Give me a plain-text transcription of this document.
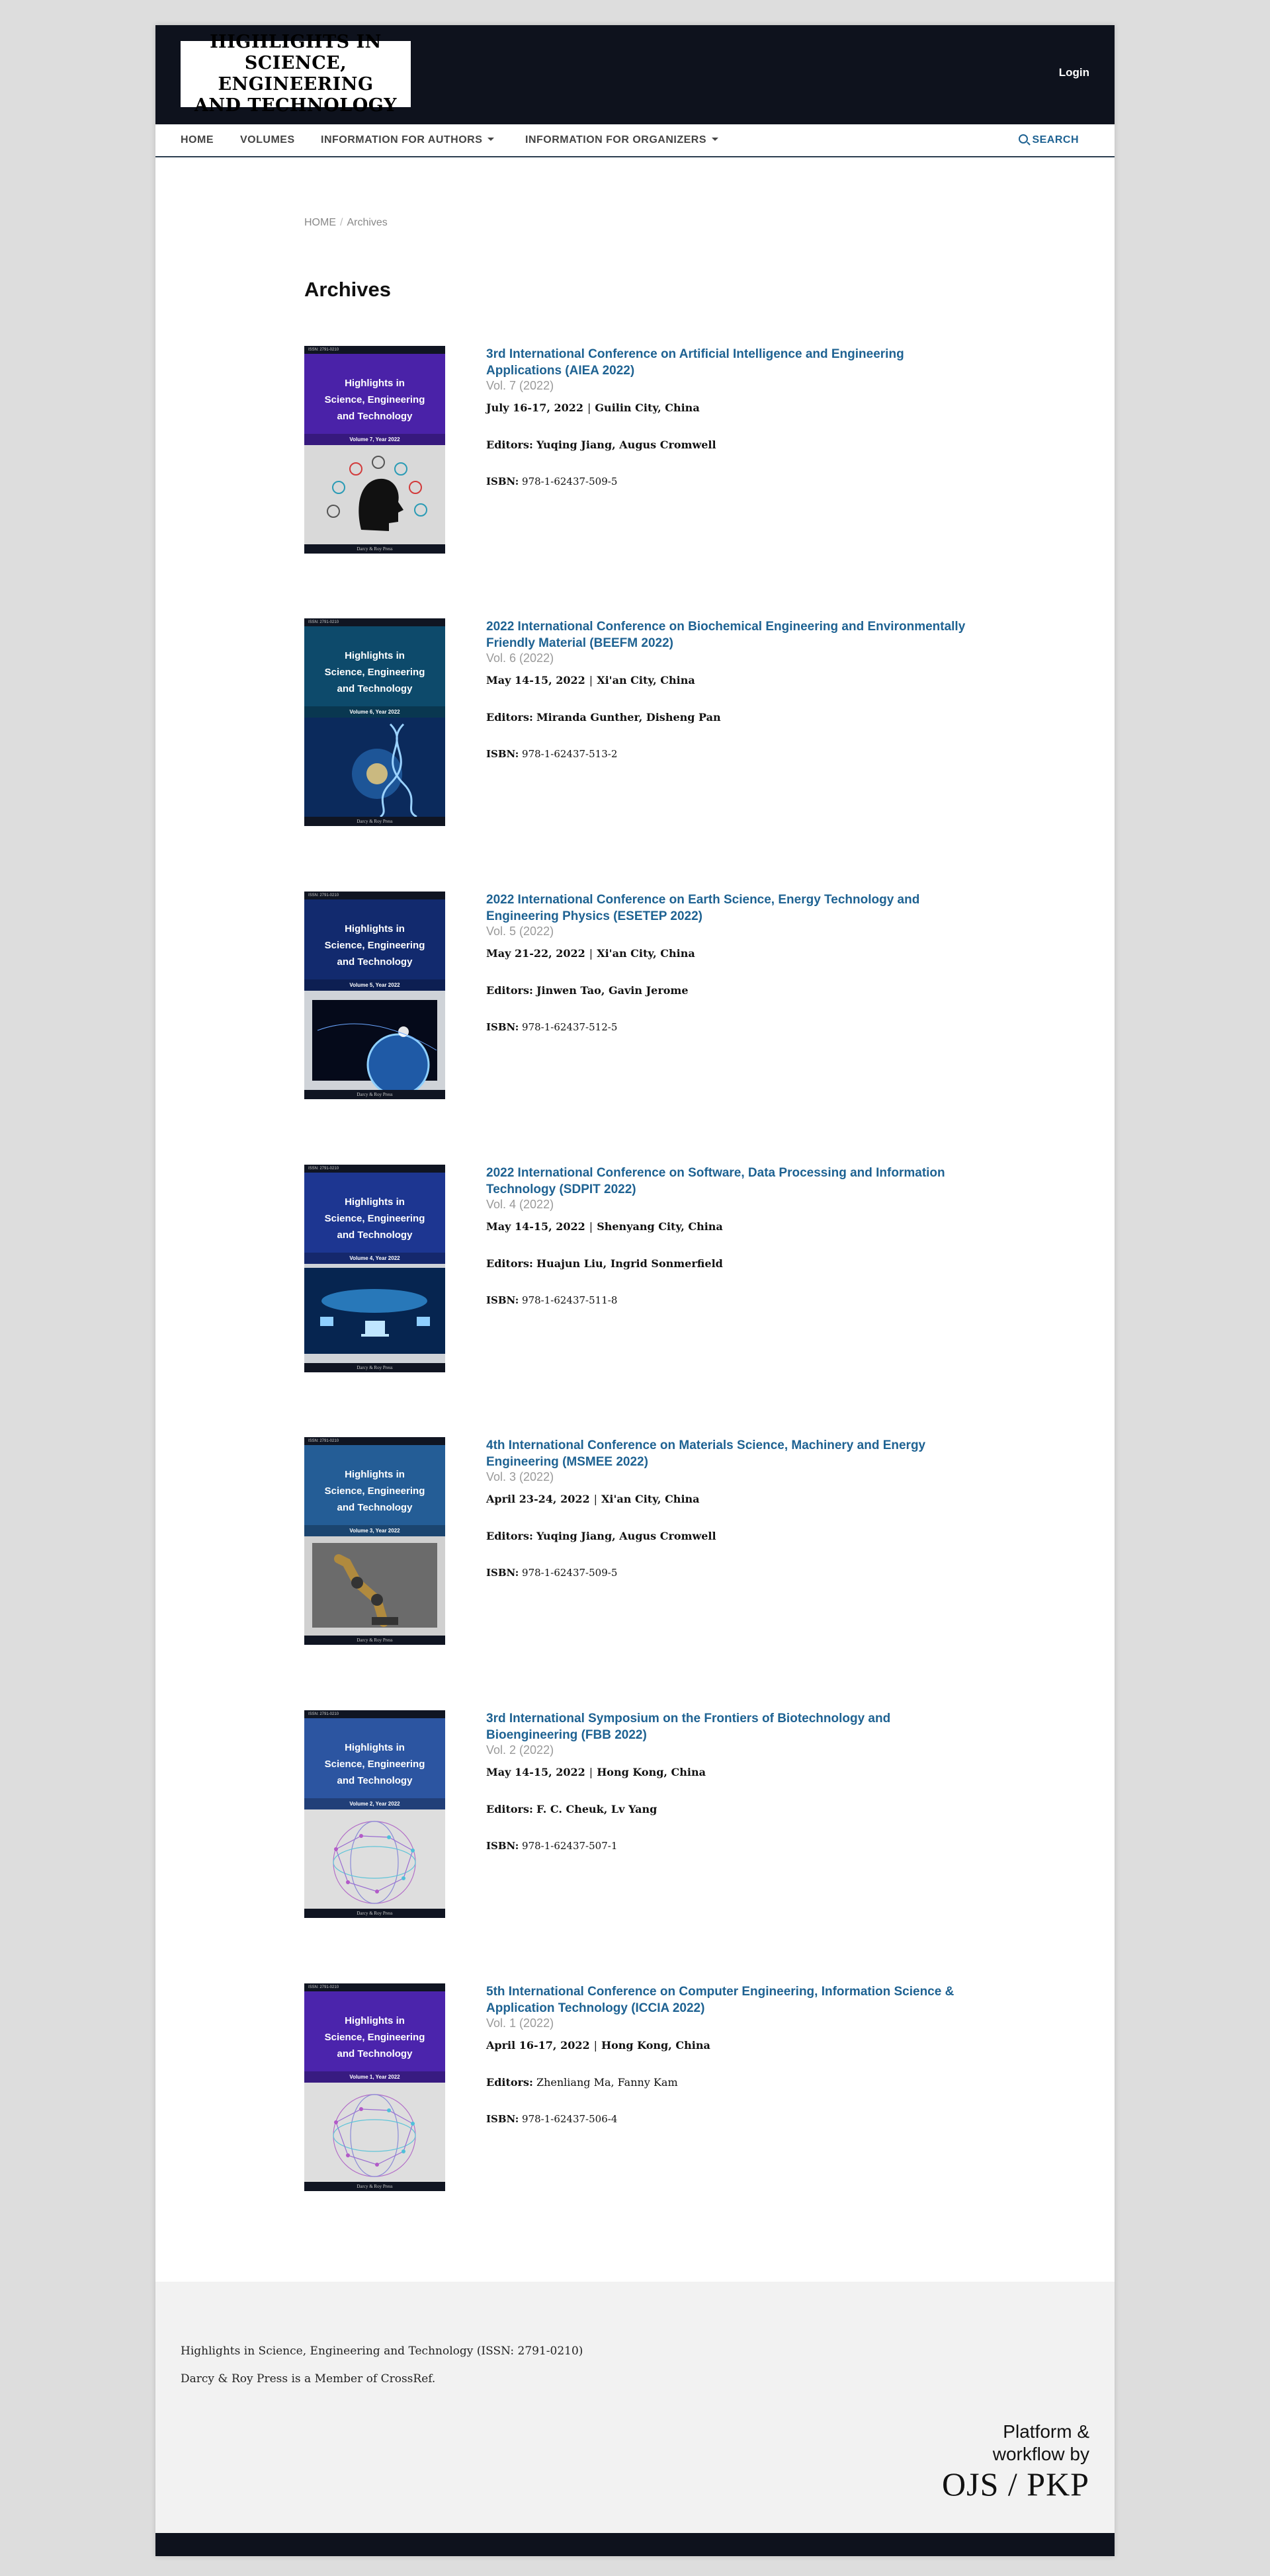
HIGHLIGHTS IN
SCIENCE, ENGINEERING
AND TECHNOLOGY
Login
HOME	VOLUMES INFORMATION FOR AUTHORS	INFORMATION FOR ORGANIZERS	SEARCH
HOME / Archives
Archives
ISSN: 2791-0210
Highlights in
Science, Engineering
and Technology
Volume 7, Year 2022
Darcy & Roy Press
3rd International Conference on Artificial Intelligence and Engineering Applications (AIEA 2022)
Vol. 7 (2022)
July 16-17, 2022 | Guilin City, China
Editors: Yuqing Jiang, Augus Cromwell
ISBN: 978-1-62437-509-5
ISSN: 2791-0210
Highlights in
Science, Engineering
and Technology
Volume 6, Year 2022
Darcy & Roy Press
2022 International Conference on Biochemical Engineering and Environmentally Friendly Material (BEEFM 2022)
Vol. 6 (2022)
May 14-15, 2022 | Xi'an City, China
Editors: Miranda Gunther, Disheng Pan
ISBN: 978-1-62437-513-2
ISSN: 2791-0210
Highlights in
Science, Engineering
and Technology
Volume 5, Year 2022
Darcy & Roy Press
2022 International Conference on Earth Science, Energy Technology and Engineering Physics (ESETEP 2022)
Vol. 5 (2022)
May 21-22, 2022 | Xi'an City, China
Editors: Jinwen Tao, Gavin Jerome
ISBN: 978-1-62437-512-5
ISSN: 2791-0210
Highlights in
Science, Engineering
and Technology
Volume 4, Year 2022
Darcy & Roy Press
2022 International Conference on Software, Data Processing and Information Technology (SDPIT 2022)
Vol. 4 (2022)
May 14-15, 2022 | Shenyang City, China
Editors: Huajun Liu, Ingrid Sonmerfield
ISBN: 978-1-62437-511-8
ISSN: 2791-0210
Highlights in
Science, Engineering
and Technology
Volume 3, Year 2022
Darcy & Roy Press
4th International Conference on Materials Science, Machinery and Energy Engineering (MSMEE 2022)
Vol. 3 (2022)
April 23-24, 2022 | Xi'an City, China
Editors: Yuqing Jiang, Augus Cromwell
ISBN: 978-1-62437-509-5
ISSN: 2791-0210
Highlights in
Science, Engineering
and Technology
Volume 2, Year 2022
Darcy & Roy Press
3rd International Symposium on the Frontiers of Biotechnology and Bioengineering (FBB 2022)
Vol. 2 (2022)
May 14-15, 2022 | Hong Kong, China
Editors: F. C. Cheuk, Lv Yang
ISBN: 978-1-62437-507-1
ISSN: 2791-0210
Highlights in
Science, Engineering
and Technology
Volume 1, Year 2022
Darcy & Roy Press
5th International Conference on Computer Engineering, Information Science & Application Technology (ICCIA 2022)
Vol. 1 (2022)
April 16-17, 2022 | Hong Kong, China
Editors: Zhenliang Ma, Fanny Kam
ISBN: 978-1-62437-506-4
Highlights in Science, Engineering and Technology (ISSN: 2791-0210)
Darcy & Roy Press is a Member of CrossRef.
Platform &
workflow by
OJS / PKP
